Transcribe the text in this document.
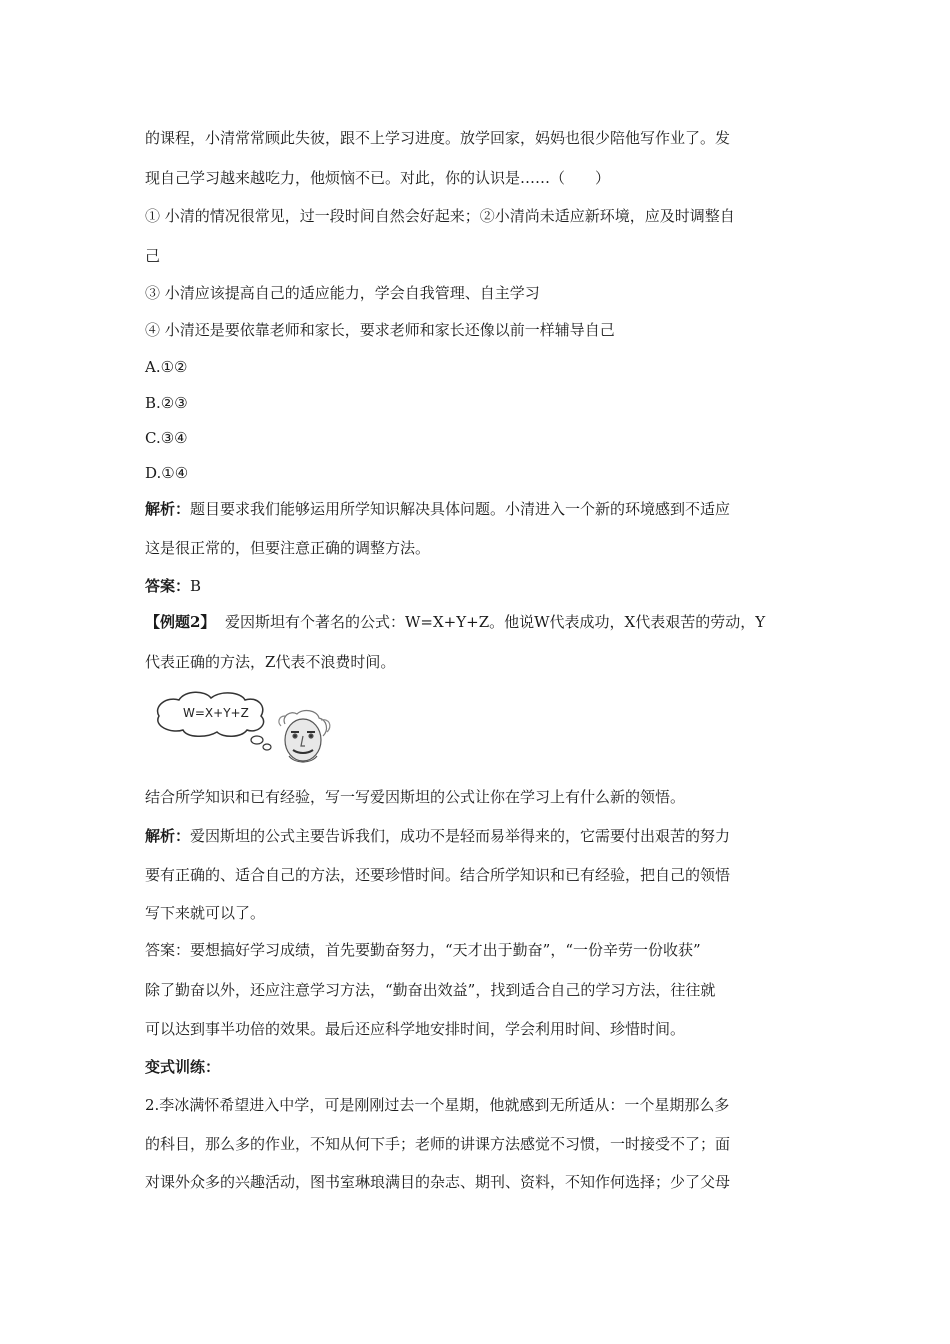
的课程，小清常常顾此失彼，跟不上学习进度。放学回家，妈妈也很少陪他写作业了。发
现自己学习越来越吃力，他烦恼不已。对此，你的认识是……（　　）
① 小清的情况很常见，过一段时间自然会好起来；②小清尚未适应新环境，应及时调整自
己
③ 小清应该提高自己的适应能力，学会自我管理、自主学习
④ 小清还是要依靠老师和家长，要求老师和家长还像以前一样辅导自己
A.①②
B.②③
C.③④
D.①④
解析：题目要求我们能够运用所学知识解决具体问题。小清进入一个新的环境感到不适应
这是很正常的，但要注意正确的调整方法。
答案：B
【例题2】 爱因斯坦有个著名的公式：W=X+Y+Z。他说W代表成功，X代表艰苦的劳动，Y
代表正确的方法，Z代表不浪费时间。
W=X+Y+Z
结合所学知识和已有经验，写一写爱因斯坦的公式让你在学习上有什么新的领悟。
解析：爱因斯坦的公式主要告诉我们，成功不是轻而易举得来的，它需要付出艰苦的努力
要有正确的、适合自己的方法，还要珍惜时间。结合所学知识和已有经验，把自己的领悟
写下来就可以了。
答案：要想搞好学习成绩，首先要勤奋努力，“天才出于勤奋”，“一份辛劳一份收获”
除了勤奋以外，还应注意学习方法，“勤奋出效益”，找到适合自己的学习方法，往往就
可以达到事半功倍的效果。最后还应科学地安排时间，学会利用时间、珍惜时间。
变式训练：
2.李冰满怀希望进入中学，可是刚刚过去一个星期，他就感到无所适从：一个星期那么多
的科目，那么多的作业，不知从何下手；老师的讲课方法感觉不习惯，一时接受不了；面
对课外众多的兴趣活动，图书室琳琅满目的杂志、期刊、资料，不知作何选择；少了父母
